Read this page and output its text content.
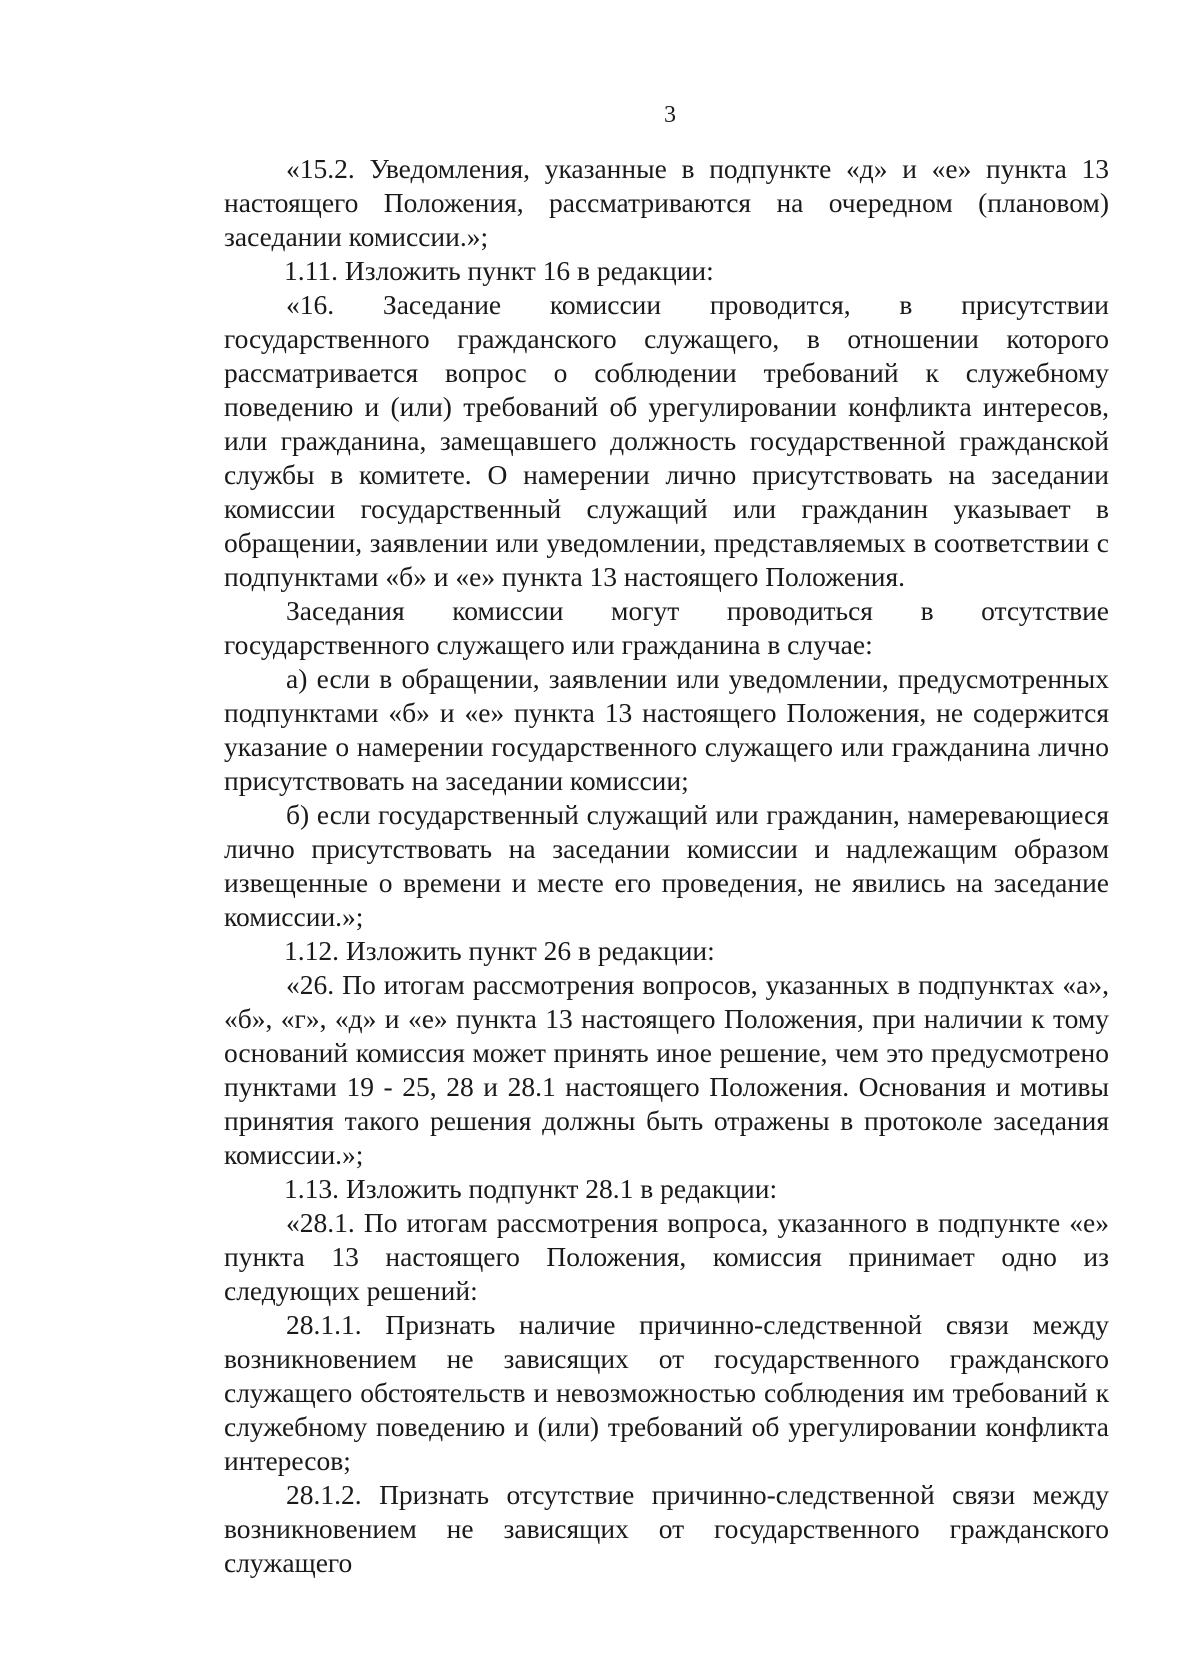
3

«15.2. Уведомления, указанные в подпункте «д» и «е» пункта 13 настоящего Положения, рассматриваются на очередном (плановом) заседании комиссии.»;

1.11. Изложить пункт 16 в редакции:

«16. Заседание комиссии проводится, в присутствии государственного гражданского служащего, в отношении которого рассматривается вопрос о соблюдении требований к служебному поведению и (или) требований об урегулировании конфликта интересов, или гражданина, замещавшего должность государственной гражданской службы в комитете. О намерении лично присутствовать на заседании комиссии государственный служащий или гражданин указывает в обращении, заявлении или уведомлении, представляемых в соответствии с подпунктами «б» и «е» пункта 13 настоящего Положения.

Заседания комиссии могут проводиться в отсутствие государственного служащего или гражданина в случае:

а) если в обращении, заявлении или уведомлении, предусмотренных подпунктами «б» и «е» пункта 13 настоящего Положения, не содержится указание о намерении государственного служащего или гражданина лично присутствовать на заседании комиссии;

б) если государственный служащий или гражданин, намеревающиеся лично присутствовать на заседании комиссии и надлежащим образом извещенные о времени и месте его проведения, не явились на заседание комиссии.»;

1.12. Изложить пункт 26 в редакции:

«26. По итогам рассмотрения вопросов, указанных в подпунктах «а», «б», «г», «д» и «е» пункта 13 настоящего Положения, при наличии к тому оснований комиссия может принять иное решение, чем это предусмотрено пунктами 19 - 25, 28 и 28.1 настоящего Положения. Основания и мотивы принятия такого решения должны быть отражены в протоколе заседания комиссии.»;

1.13. Изложить подпункт 28.1 в редакции:

«28.1. По итогам рассмотрения вопроса, указанного в подпункте «е» пункта 13 настоящего Положения, комиссия принимает одно из следующих решений:

28.1.1. Признать наличие причинно-следственной связи между возникновением не зависящих от государственного гражданского служащего обстоятельств и невозможностью соблюдения им требований к служебному поведению и (или) требований об урегулировании конфликта интересов;

28.1.2. Признать отсутствие причинно-следственной связи между возникновением не зависящих от государственного гражданского служащего
